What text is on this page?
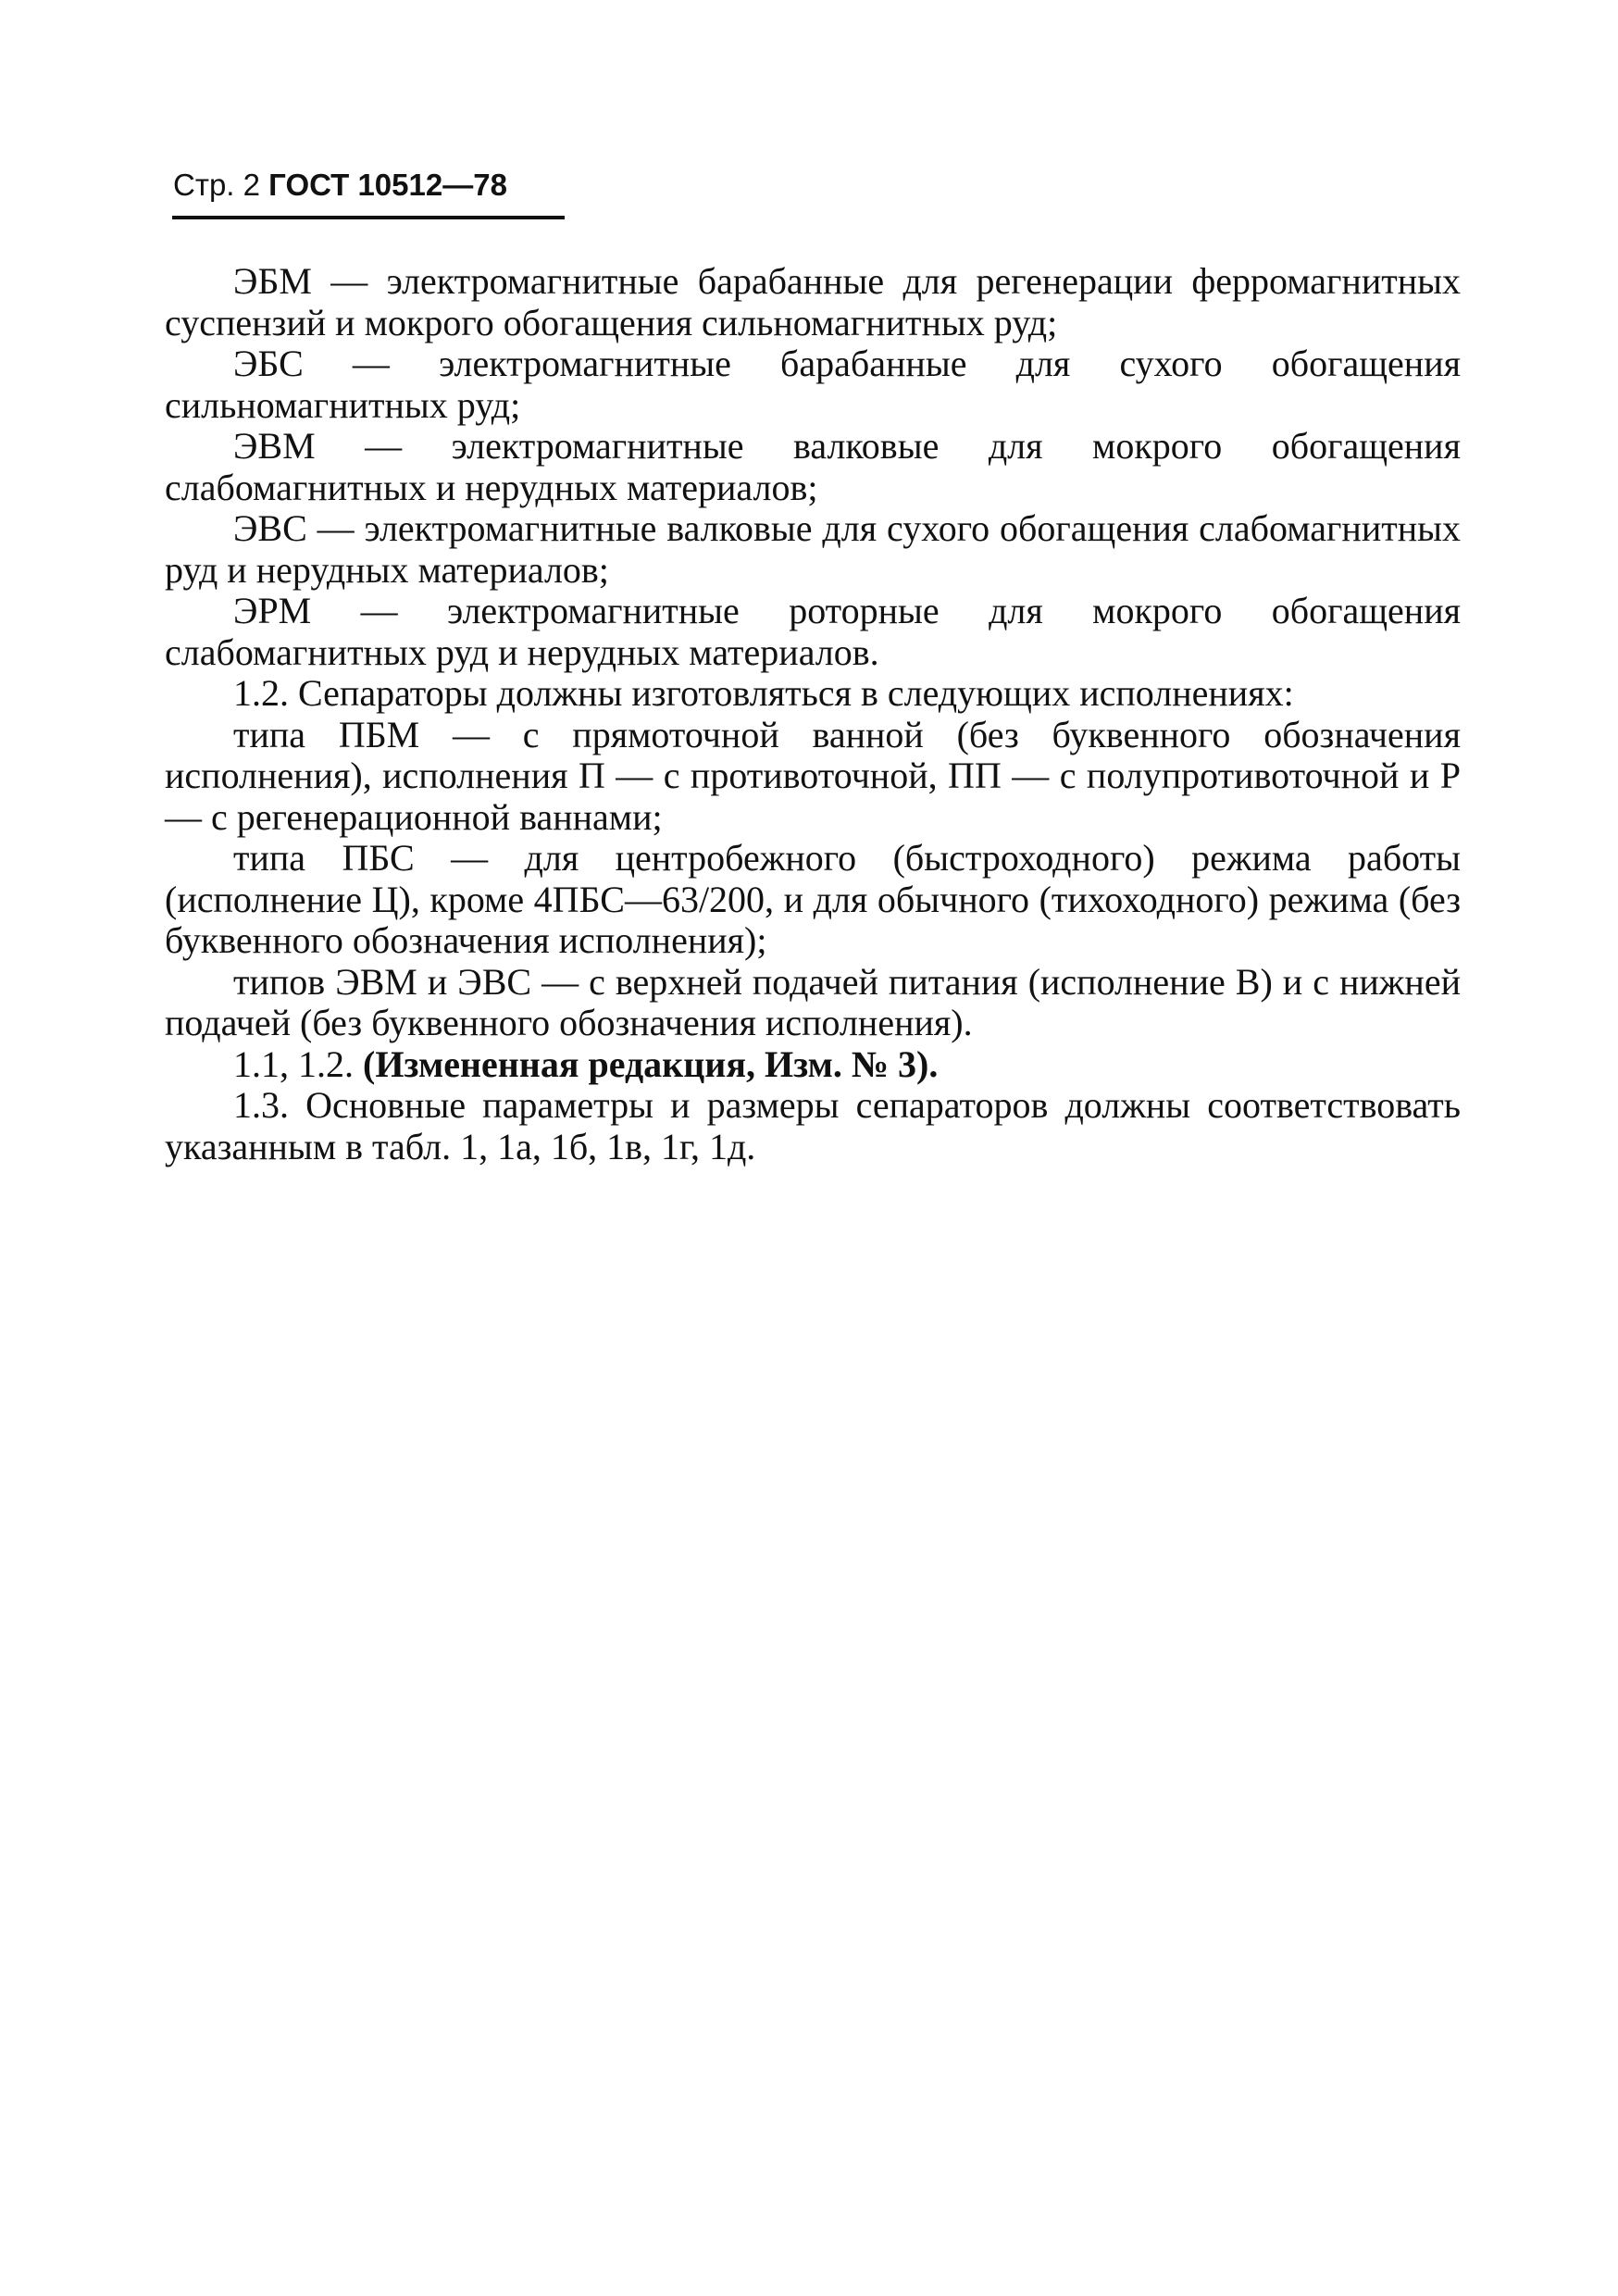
Стр. 2 ГОСТ 10512—78

ЭБМ — электромагнитные барабанные для регенерации ферромагнитных суспензий и мокрого обогащения сильномагнитных руд;

ЭБС — электромагнитные барабанные для сухого обогащения сильномагнитных руд;

ЭВМ — электромагнитные валковые для мокрого обогащения слабомагнитных и нерудных материалов;

ЭВС — электромагнитные валковые для сухого обогащения слабомагнитных руд и нерудных материалов;

ЭРМ — электромагнитные роторные для мокрого обогащения слабомагнитных руд и нерудных материалов.

1.2. Сепараторы должны изготовляться в следующих исполнениях:

типа ПБМ — с прямоточной ванной (без буквенного обозначения исполнения), исполнения П — с противоточной, ПП — с полупротивоточной и Р — с регенерационной ваннами;

типа ПБС — для центробежного (быстроходного) режима работы (исполнение Ц), кроме 4ПБС—63/200, и для обычного (тихоходного) режима (без буквенного обозначения исполнения);

типов ЭВМ и ЭВС — с верхней подачей питания (исполнение В) и с нижней подачей (без буквенного обозначения исполнения).

1.1, 1.2. (Измененная редакция, Изм. № 3).

1.3. Основные параметры и размеры сепараторов должны соответствовать указанным в табл. 1, 1а, 1б, 1в, 1г, 1д.
